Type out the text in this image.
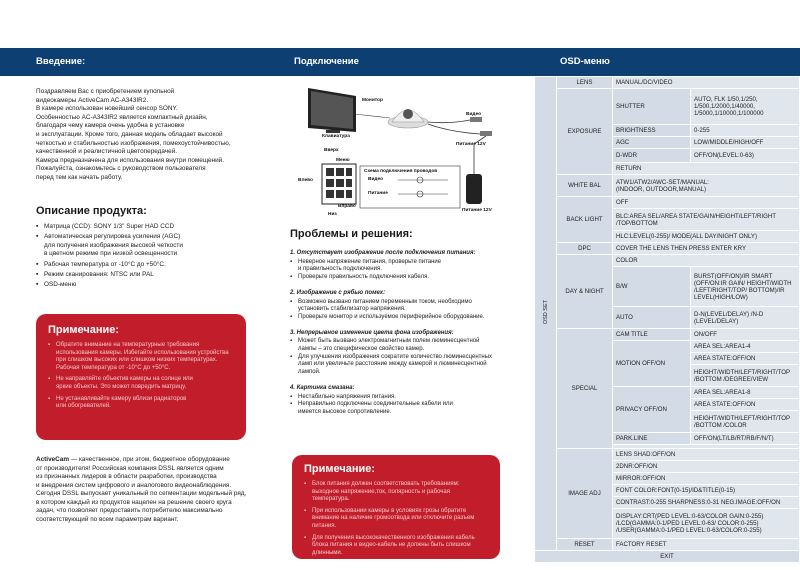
Введение:	Подключение	OSD-меню

Поздравляем Вас с приобретением купольной
видеокамеры ActiveCam AC-A343IR2.
В камере использован новейший сенсор SONY.
Особенностью AC-A343IR2 является компактный дизайн,
благодаря чему камера очень удобна в установке
и эксплуатации. Кроме того, данная модель обладает высокой
четкостью и стабильностью изображения, помехоустойчивостью,
качественной и реалистичной цветопередачей.
Камера предназначена для использования внутри помещений.
Пожалуйста, ознакомьтесь с руководством пользователя
перед тем как начать работу.

Описание продукта:
▪ Матрица (CCD): SONY 1/3" Super HAD CCD
▪ Автоматическая регулировка усиления (AGC)
для получения изображения высокой четкости
в цветном режиме при низкой освещенности
▪ Рабочая температура от -10°C до +50°C.
▪ Режим сканирования: NTSC или PAL
▪ OSD-меню
Примечание:
▪ Обратите внимание на температурные требования
использования камеры. Избегайте использования устройства
при слишком высоких или слишком низких температурах.
Рабочая температура от -10°C до +50°C.
▪ Не направляйте объектив камеры на солнце или
яркие объекты. Это может повредить матрицу.
▪ Не устанавливайте камеру вблизи радиаторов
или обогревателей.
ActiveCam — качественное, при этом, бюджетное оборудование
от производителя! Российская компания DSSL является одним
из признанных лидеров в области разработки, производства
и внедрения систем цифрового и аналогового видеонаблюдения.
Сегодня DSSL выпускает уникальный по сегментации модельный ряд,
в котором каждый из продуктов нацелен на решение своего круга
задач, что позволяет предоставить потребителю максимально
соответствующий по всем параметрам вариант.
Монитор
Видео
Питание 12V
Клавиатура
Вверх
Меню
Влево
Вправо
Низ
Схема подключения проводов
Видео
Питание
Питание 12V
Проблемы и решения:
1. Отсутствует изображение после подключения питания:
▪ Неверное напряжение питания, проверьте питание
и правильность подключения.
▪ Проверьте правильность подключения кабеля.
2. Изображение с рябью помех:
▪ Возможно вызвано питанием переменным током, необходимо
установить стабилизатор напряжения.
▪ Проверьте монитор и используемое периферийное оборудование.
3. Непрерывное изменение цвета фона изображения:
▪ Может быть вызвано электромагнитным полем люминесцентной
лампы – это специфическое свойство камер.
▪ Для улучшения изображения сократите количество люминесцентных
ламп или увеличьте расстояние между камерой и люминесцентной лампой.
4. Картинка смазана:
▪ Нестабильно напряжения питания.
▪ Неправильно подключены соединительные кабели или
имеется высокое сопротивление.
Примечание:
▪ Блок питания должен соответствовать требованиям:
выходное напряжение,ток, полярность и рабочая температура.
▪ При использовании камеры в условиях грозы обратите
внимание на наличие громоотвода или отключите разъем питания.
▪ Для получения высококачественного изображения кабель
блока питания и видео-кабель не должны быть слишком длинными.
OSD SET	LENS	MANUAL/DC/VIDEO	
	EXPOSURE	SHUTTER	AUTO, FLK 1/50,1/250,
1/500,1/2000,1/40000,
1/5000,1/10000,1/100000
		BRIGHTNESS	0-255
		AGC	LOW/MIDDLE/HIGH/OFF
		D-WDR	OFF/ON(LEVEL:0-63)
		RETURN	
	WHITE BAL	ATW1/ATW2/AWC-SET/MANUAL:
(INDOOR, OUTDOOR,MANUAL)	
	BACK LIGHT	OFF	
		BLC:AREA SEL/AREA STATE/GAIN/HEIGHT/LEFT/RIGHT
/TOP/BOTTOM	
		HLC:LEVEL(0-255)/ MODE(ALL DAY/NIGHT ONLY)	
	DPC	COVER THE LENS THEN PRESS ENTER KRY	
	DAY & NIGHT	COLOR	
		B/W	BURST(OFF/ON)/IR SMART
(OFF/ON:IR GAIN/ HEIGHT/WIDTH
/LEFT/RIGHT/TOP/ BOTTOM)/IR
LEVEL(HIGH/LOW)
		AUTO	D-N(LEVEL/DELAY) /N-D
(LEVEL/DELAY)
	SPECIAL	CAM TITLE	ON/OFF
		MOTION OFF/ON	AREA SEL:AREA1-4
			AREA STATE:OFF/ON
			HEIGHT/WIDTH/LEFT/RIGHT/TOP
/BOTTOM /DEGREE/VIEW
		PRIVACY OFF/ON	AREA SEL:AREA1-8
			AREA STATE:OFF/ON
			HEIGHT/WIDTH/LEFT/RIGHT/TOP
/BOTTOM /COLOR
		PARK.LINE	OFF/ON(LT/LB/RT/RB/F/N/T)

	IMAGE ADJ	LENS SHAD:OFF/ON	
		2DNR:OFF/ON	
		MIRROR:OFF/ON	
		FONT COLOR:FONT(0-15)/ID&TITLE(0-15)	
		CONTRAST:0-255 SHARPNESS:0-31 NEG.IMAGE:OFF/ON	
		DISPLAY:CRT(PED LEVEL:0-63/COLOR GAIN:0-255)
/LCD(GAMMA:0-1/PED LEVEL:0-63/ COLOR:0-255)
/USER(GAMMA:0-1/PED LEVEL:0-63/COLOR:0-255)	
	RESET	FACTORY RESET	
EXIT			
